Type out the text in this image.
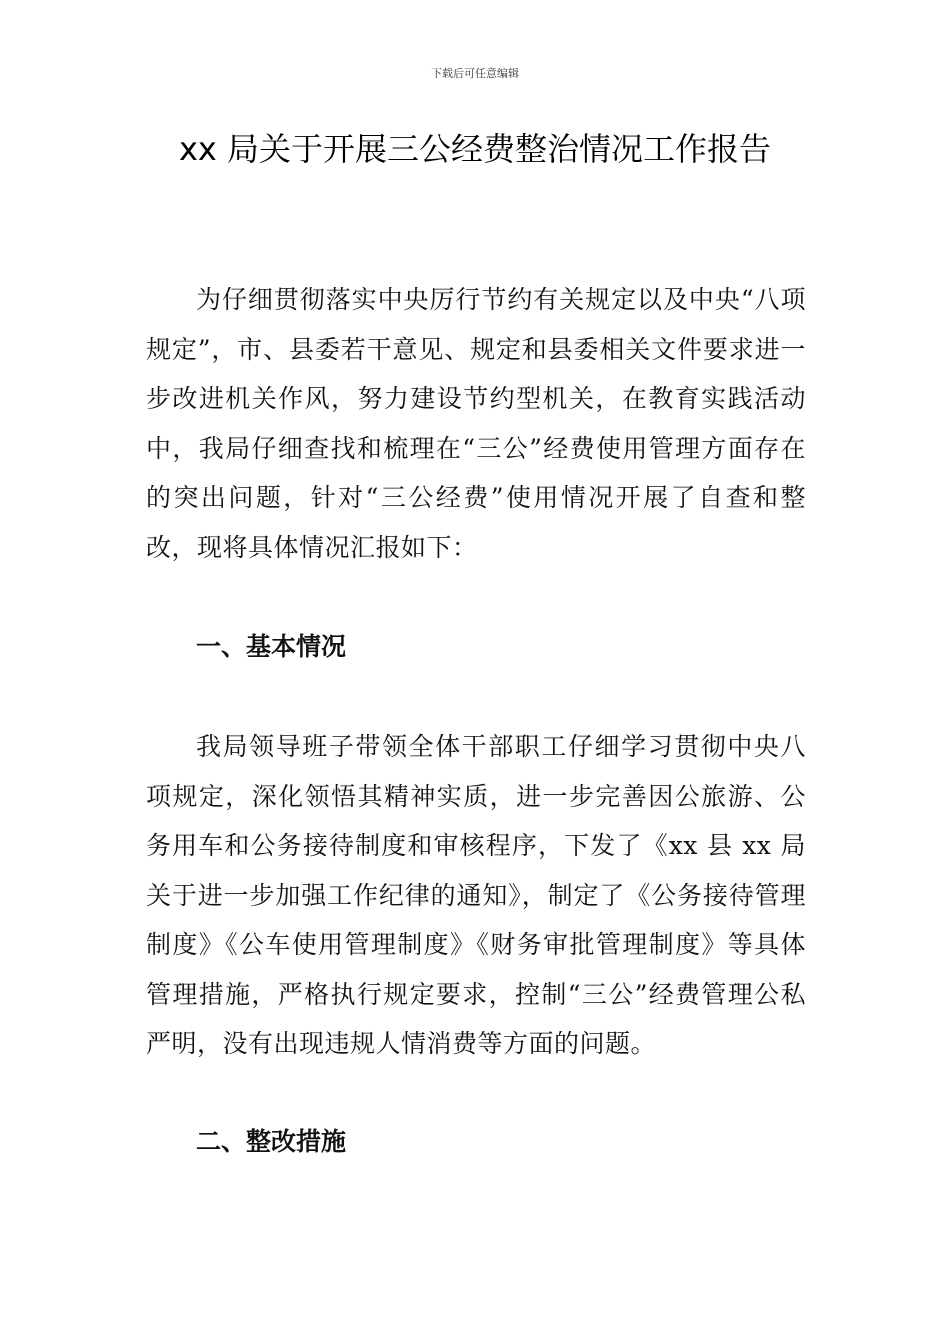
下载后可任意编辑
xx 局关于开展三公经费整治情况工作报告

为仔细贯彻落实中央厉行节约有关规定以及中央“八项规定”，市、县委若干意见、规定和县委相关文件要求进一步改进机关作风，努力建设节约型机关，在教育实践活动中，我局仔细查找和梳理在“三公”经费使用管理方面存在的突出问题，针对“三公经费”使用情况开展了自查和整改，现将具体情况汇报如下：

一、基本情况

我局领导班子带领全体干部职工仔细学习贯彻中央八项规定，深化领悟其精神实质，进一步完善因公旅游、公务用车和公务接待制度和审核程序，下发了《xx 县 xx 局关于进一步加强工作纪律的通知》，制定了《公务接待管理制度》《公车使用管理制度》《财务审批管理制度》等具体管理措施，严格执行规定要求，控制“三公”经费管理公私严明，没有出现违规人情消费等方面的问题。

二、整改措施
